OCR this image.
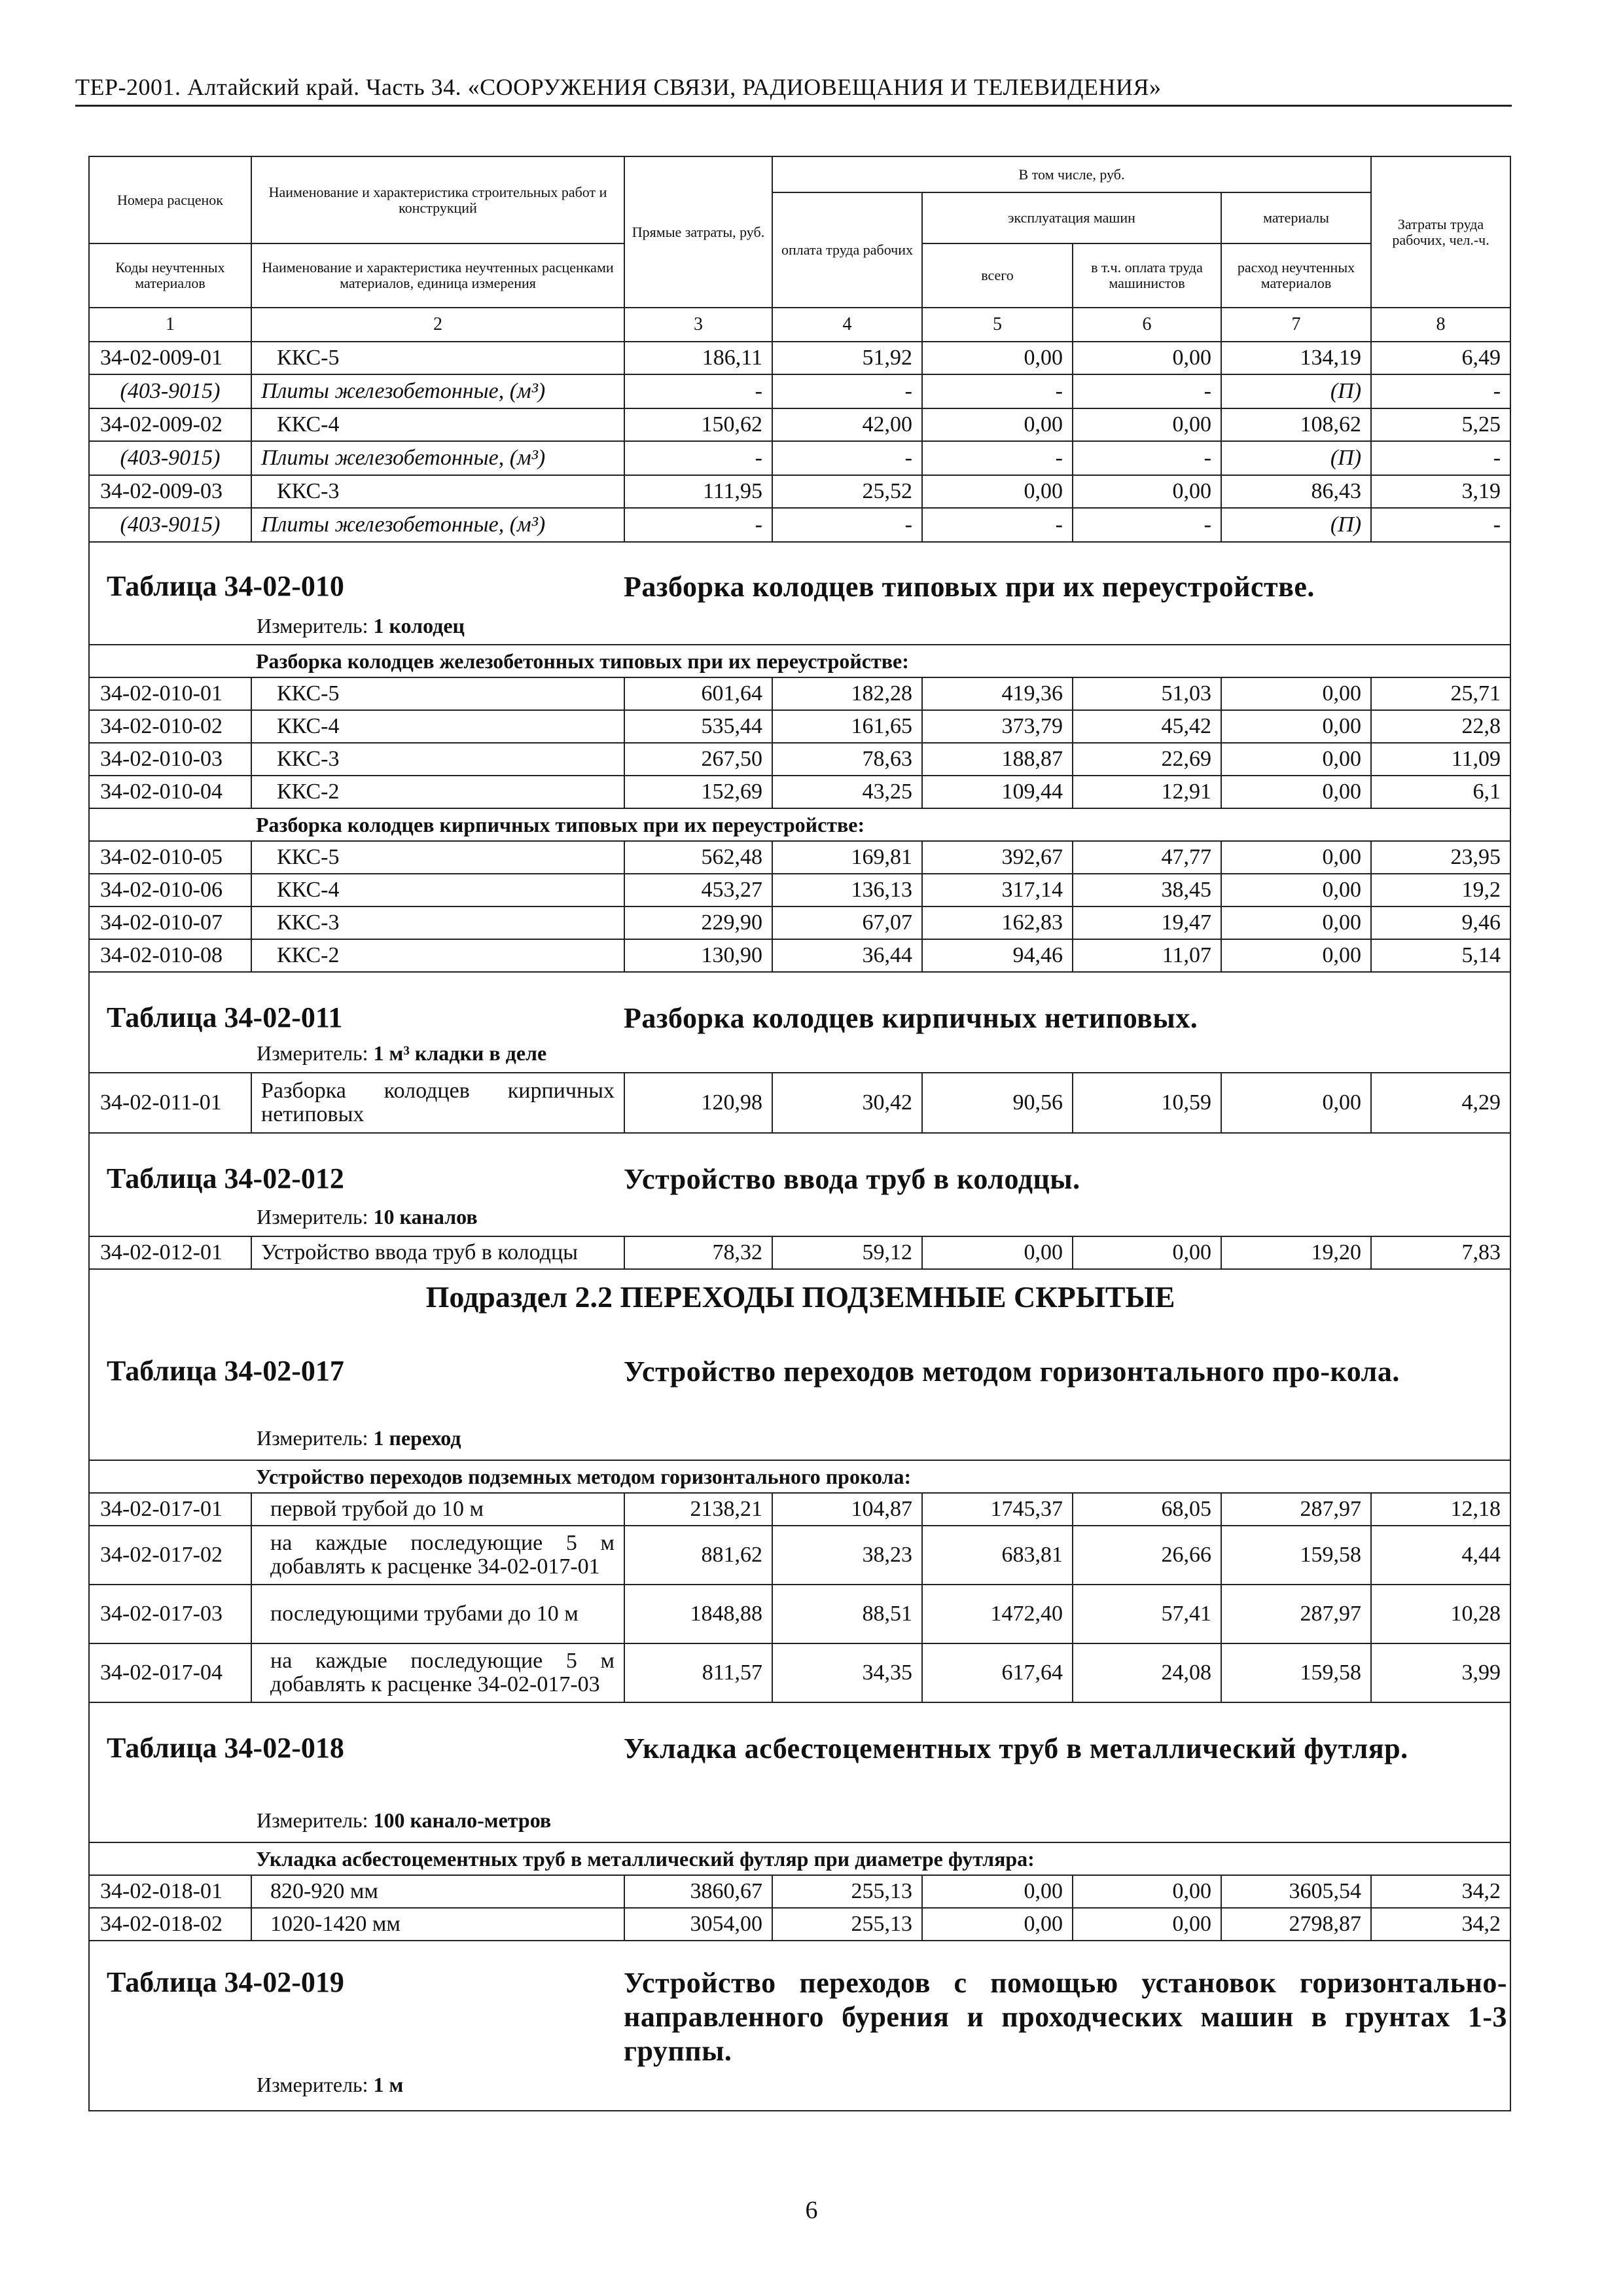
ТЕР-2001. Алтайский край. Часть 34. «СООРУЖЕНИЯ СВЯЗИ, РАДИОВЕЩАНИЯ И ТЕЛЕВИДЕНИЯ»
Номера расценок	Наименование и характеристика строительных работ и конструкций	Прямые затраты, руб.	В том числе, руб.				Затраты труда рабочих, чел.-ч.
			оплата труда рабочих	эксплуатация машин		материалы	
Коды неучтенных материалов	Наименование и характеристика неучтенных расценками материалов, единица измерения			всего	в т.ч. оплата труда машинистов	расход неучтенных материалов	
1	2	3	4	5	6	7	8
34-02-009-01	ККС-5	186,11	51,92	0,00	0,00	134,19	6,49
(403-9015)	Плиты железобетонные, (м³)	-	-	-	-	(П)	-
34-02-009-02	ККС-4	150,62	42,00	0,00	0,00	108,62	5,25
(403-9015)	Плиты железобетонные, (м³)	-	-	-	-	(П)	-
34-02-009-03	ККС-3	111,95	25,52	0,00	0,00	86,43	3,19
(403-9015)	Плиты железобетонные, (м³)	-	-	-	-	(П)	-

Таблица 34-02-010 Разборка колодцев типовых при их переустройстве.
Измеритель: 1 колодец							

Разборка колодцев железобетонных типовых при их переустройстве:							
34-02-010-01	ККС-5	601,64	182,28	419,36	51,03	0,00	25,71
34-02-010-02	ККС-4	535,44	161,65	373,79	45,42	0,00	22,8
34-02-010-03	ККС-3	267,50	78,63	188,87	22,69	0,00	11,09
34-02-010-04	ККС-2	152,69	43,25	109,44	12,91	0,00	6,1
Разборка колодцев кирпичных типовых при их переустройстве:							
34-02-010-05	ККС-5	562,48	169,81	392,67	47,77	0,00	23,95
34-02-010-06	ККС-4	453,27	136,13	317,14	38,45	0,00	19,2
34-02-010-07	ККС-3	229,90	67,07	162,83	19,47	0,00	9,46
34-02-010-08	ККС-2	130,90	36,44	94,46	11,07	0,00	5,14

Таблица 34-02-011 Разборка колодцев кирпичных нетиповых.
Измеритель: 1 м³ кладки в деле							

34-02-011-01	Разборка колодцев кирпичных нетиповых	120,98	30,42	90,56	10,59	0,00	4,29

Таблица 34-02-012 Устройство ввода труб в колодцы.
Измеритель: 10 каналов							

34-02-012-01	Устройство ввода труб в колодцы	78,32	59,12	0,00	0,00	19,20	7,83

Подраздел 2.2 ПЕРЕХОДЫ ПОДЗЕМНЫЕ СКРЫТЫЕ
Таблица 34-02-017 Устройство переходов методом горизонтального про-кола.
Измеритель: 1 переход							

Устройство переходов подземных методом горизонтального прокола:							
34-02-017-01	первой трубой до 10 м	2138,21	104,87	1745,37	68,05	287,97	12,18
34-02-017-02	на каждые последующие 5 м добавлять к расценке 34-02-017-01	881,62	38,23	683,81	26,66	159,58	4,44
34-02-017-03	последующими трубами до 10 м	1848,88	88,51	1472,40	57,41	287,97	10,28
34-02-017-04	на каждые последующие 5 м добавлять к расценке 34-02-017-03	811,57	34,35	617,64	24,08	159,58	3,99

Таблица 34-02-018 Укладка асбестоцементных труб в металлический футляр.
Измеритель: 100 канало-метров							

Укладка асбестоцементных труб в металлический футляр при диаметре футляра:							
34-02-018-01	820-920 мм	3860,67	255,13	0,00	0,00	3605,54	34,2
34-02-018-02	1020-1420 мм	3054,00	255,13	0,00	0,00	2798,87	34,2

Таблица 34-02-019 Устройство переходов с помощью установок горизонтально-направленного бурения и проходческих машин в грунтах 1-3 группы.
Измеритель: 1 м							
6
